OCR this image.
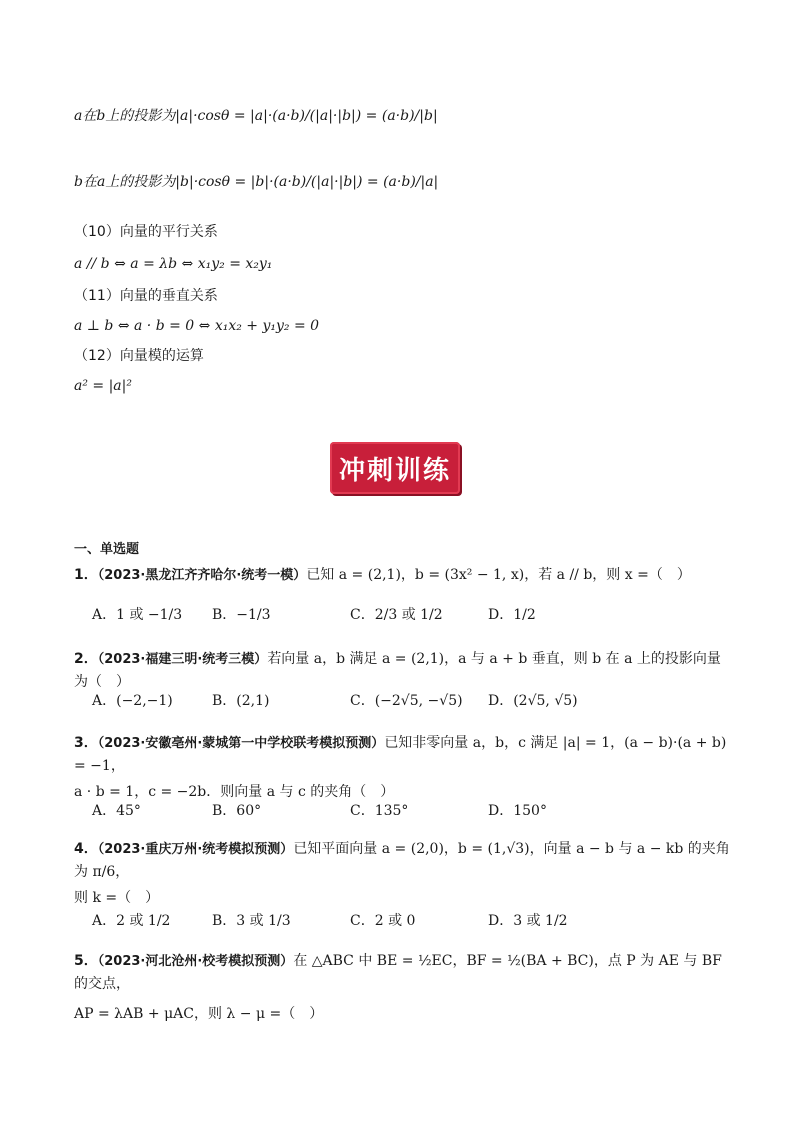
a在b上的投影为|a|·cosθ = |a|·(a·b)/(|a|·|b|) = (a·b)/|b|
b在a上的投影为|b|·cosθ = |b|·(a·b)/(|a|·|b|) = (a·b)/|a|
（10）向量的平行关系
a // b ⇔ a = λb ⇔ x₁y₂ = x₂y₁
（11）向量的垂直关系
a ⊥ b ⇔ a · b = 0 ⇔ x₁x₂ + y₁y₂ = 0
（12）向量模的运算
a² = |a|²
冲刺训练
一、单选题
1．（2023·黑龙江齐齐哈尔·统考一模）已知 a = (2,1)，b = (3x² − 1, x)，若 a // b，则 x =（　）
A．1 或 −1/3 B．−1/3	C．2/3 或 1/2	D．1/2
2．（2023·福建三明·统考三模）若向量 a，b 满足 a = (2,1)，a 与 a + b 垂直，则 b 在 a 上的投影向量为（　）
A．(−2,−1)	B．(2,1)	C．(−2√5, −√5) D．(2√5, √5)
3．（2023·安徽亳州·蒙城第一中学校联考模拟预测）已知非零向量 a，b，c 满足 |a| = 1，(a − b)·(a + b) = −1，
a · b = 1，c = −2b．则向量 a 与 c 的夹角（　）
A．45°	B．60°	C．135°	D．150°
4．（2023·重庆万州·统考模拟预测）已知平面向量 a = (2,0)，b = (1,√3)，向量 a − b 与 a − kb 的夹角为 π/6，
则 k =（　）
A．2 或 1/2	B．3 或 1/3	C．2 或 0	D．3 或 1/2
5．（2023·河北沧州·校考模拟预测）在 △ABC 中 BE = ½EC，BF = ½(BA + BC)，点 P 为 AE 与 BF 的交点，
AP = λAB + μAC，则 λ − μ =（　）
